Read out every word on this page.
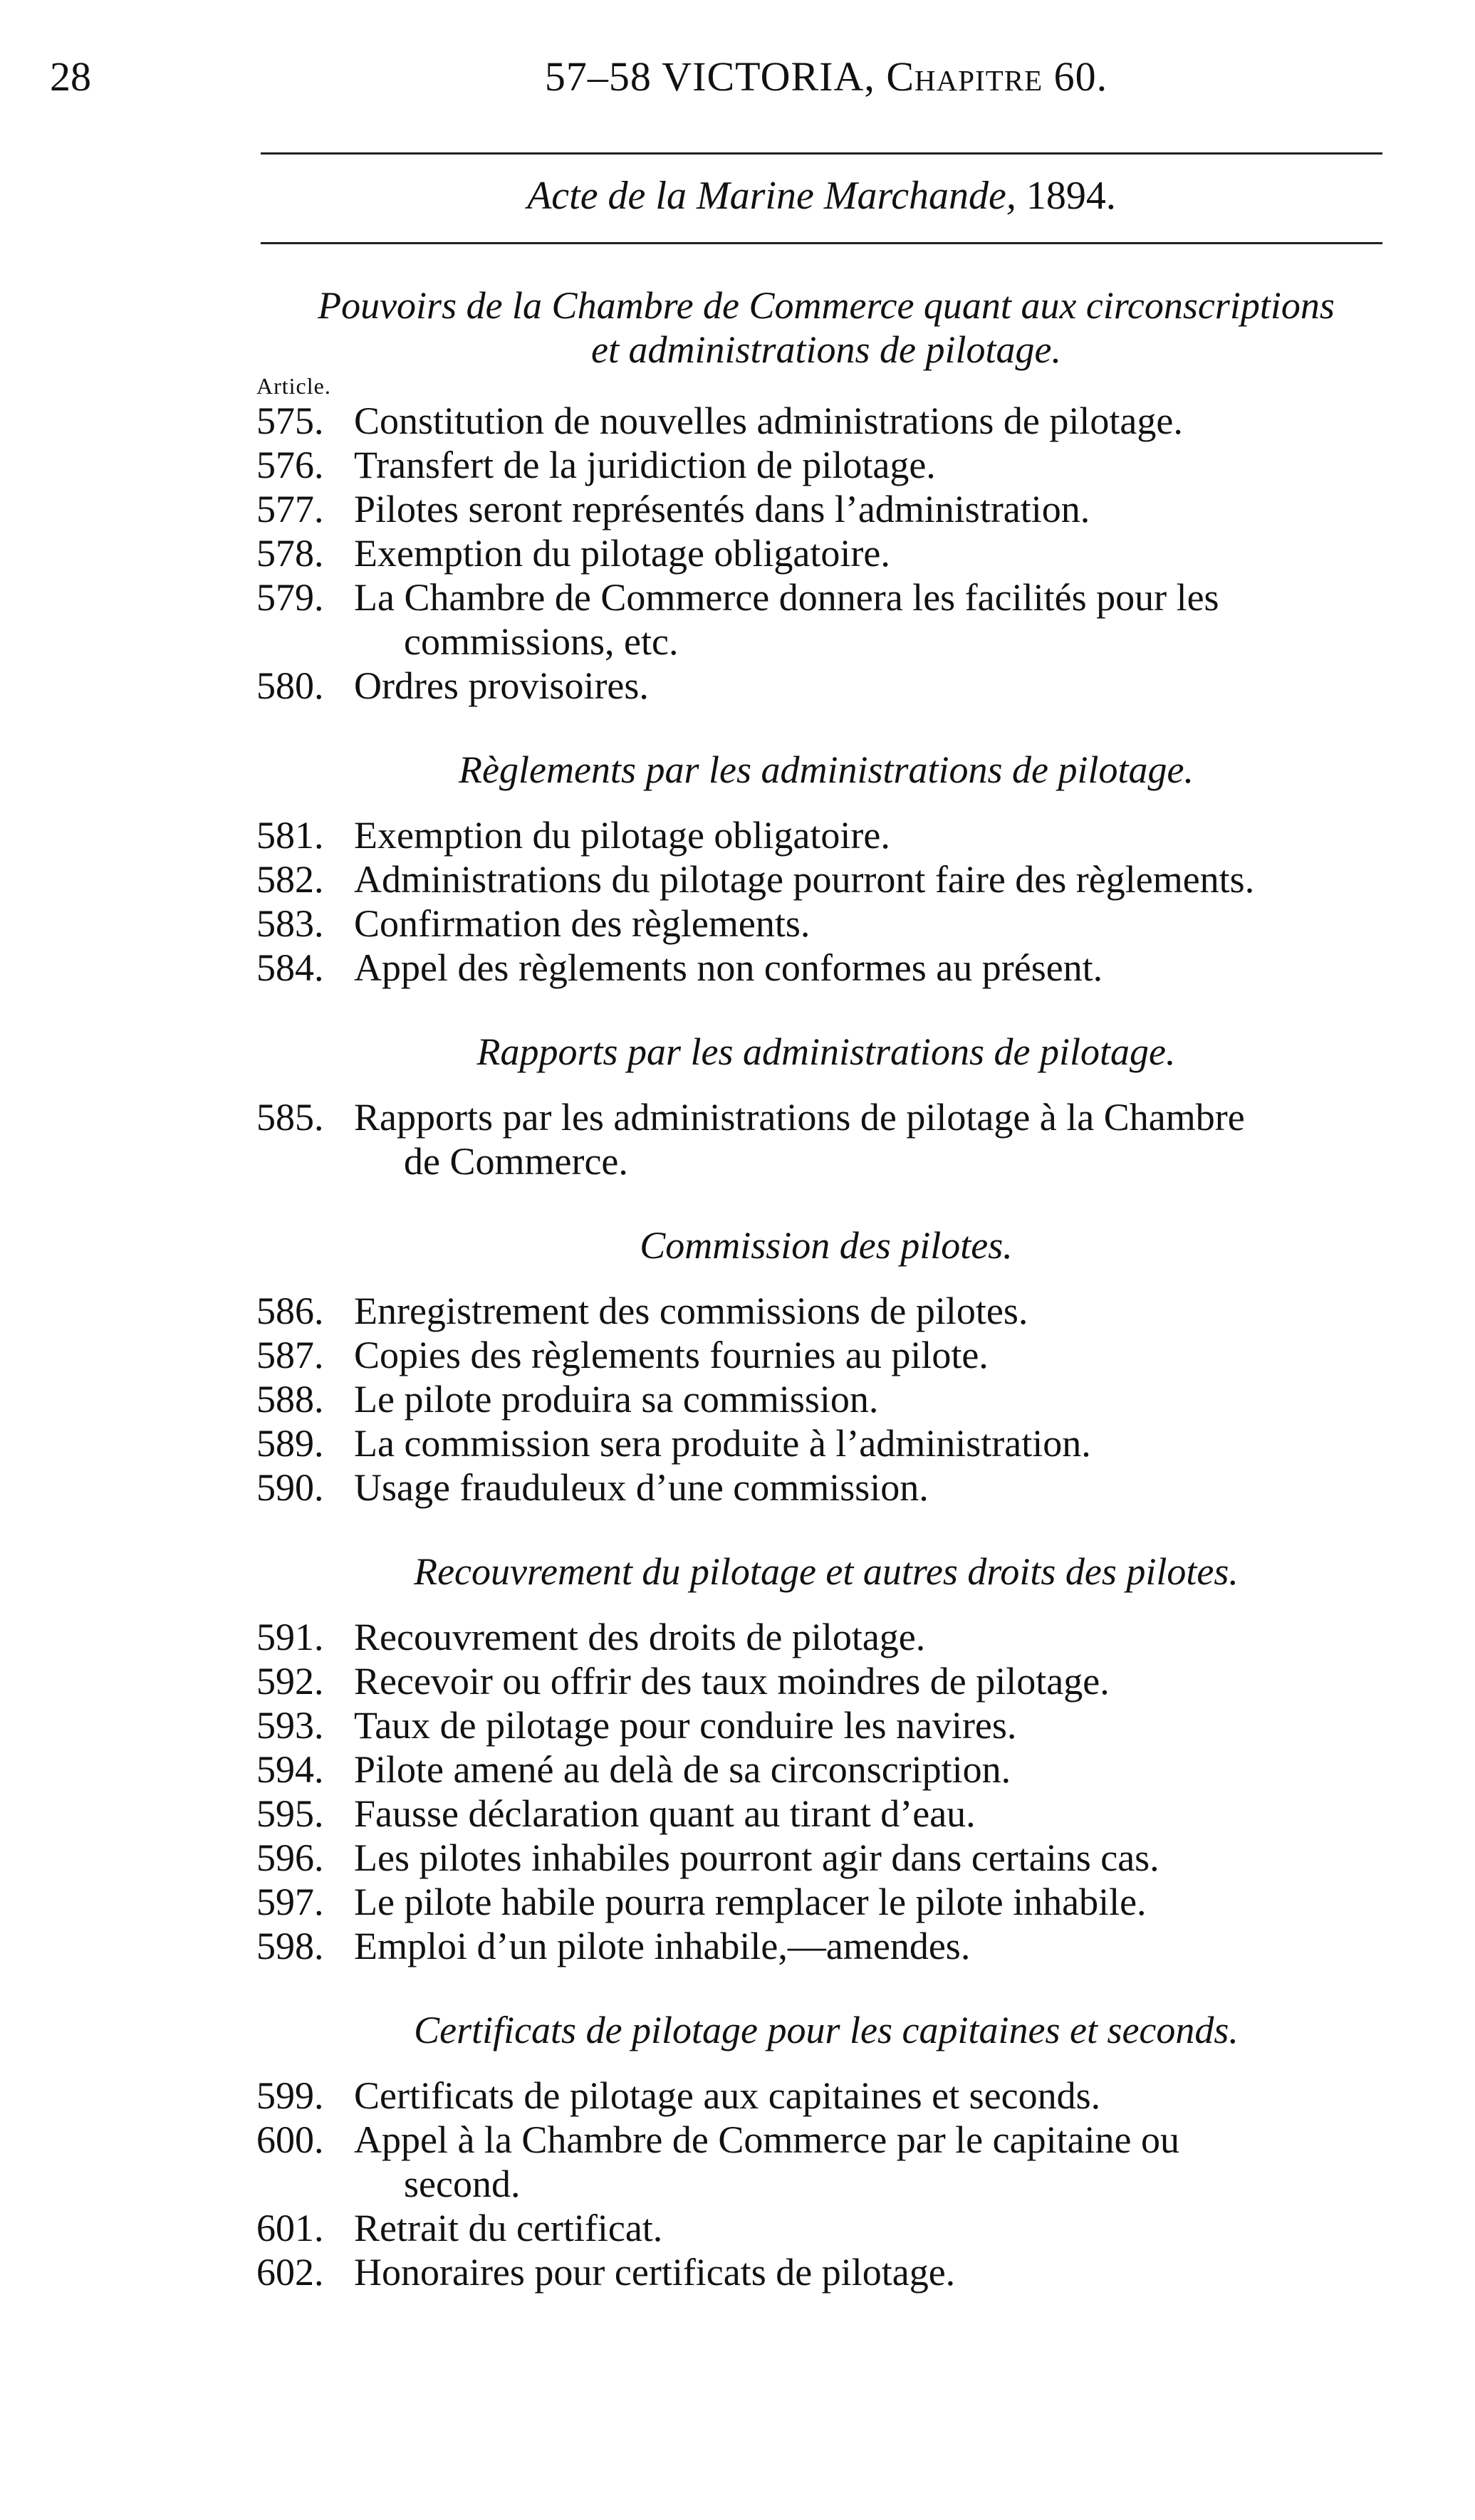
28	57–58 VICTORIA, Chapitre 60.
Acte de la Marine Marchande, 1894.
Pouvoirs de la Chambre de Commerce quant aux circonscriptions
et administrations de pilotage.
Article.
575. Constitution de nouvelles administrations de pilotage.
576. Transfert de la juridiction de pilotage.
577. Pilotes seront représentés dans l’administration.
578. Exemption du pilotage obligatoire.
579. La Chambre de Commerce donnera les facilités pour les
commissions, etc.
580. Ordres provisoires.
Règlements par les administrations de pilotage.
581. Exemption du pilotage obligatoire.
582. Administrations du pilotage pourront faire des règlements.
583. Confirmation des règlements.
584. Appel des règlements non conformes au présent.
Rapports par les administrations de pilotage.
585. Rapports par les administrations de pilotage à la Chambre
de Commerce.
Commission des pilotes.
586. Enregistrement des commissions de pilotes.
587. Copies des règlements fournies au pilote.
588. Le pilote produira sa commission.
589. La commission sera produite à l’administration.
590. Usage frauduleux d’une commission.
Recouvrement du pilotage et autres droits des pilotes.
591. Recouvrement des droits de pilotage.
592. Recevoir ou offrir des taux moindres de pilotage.
593. Taux de pilotage pour conduire les navires.
594. Pilote amené au delà de sa circonscription.
595. Fausse déclaration quant au tirant d’eau.
596. Les pilotes inhabiles pourront agir dans certains cas.
597. Le pilote habile pourra remplacer le pilote inhabile.
598. Emploi d’un pilote inhabile,—amendes.
Certificats de pilotage pour les capitaines et seconds.
599. Certificats de pilotage aux capitaines et seconds.
600. Appel à la Chambre de Commerce par le capitaine ou
second.
601. Retrait du certificat.
602. Honoraires pour certificats de pilotage.
